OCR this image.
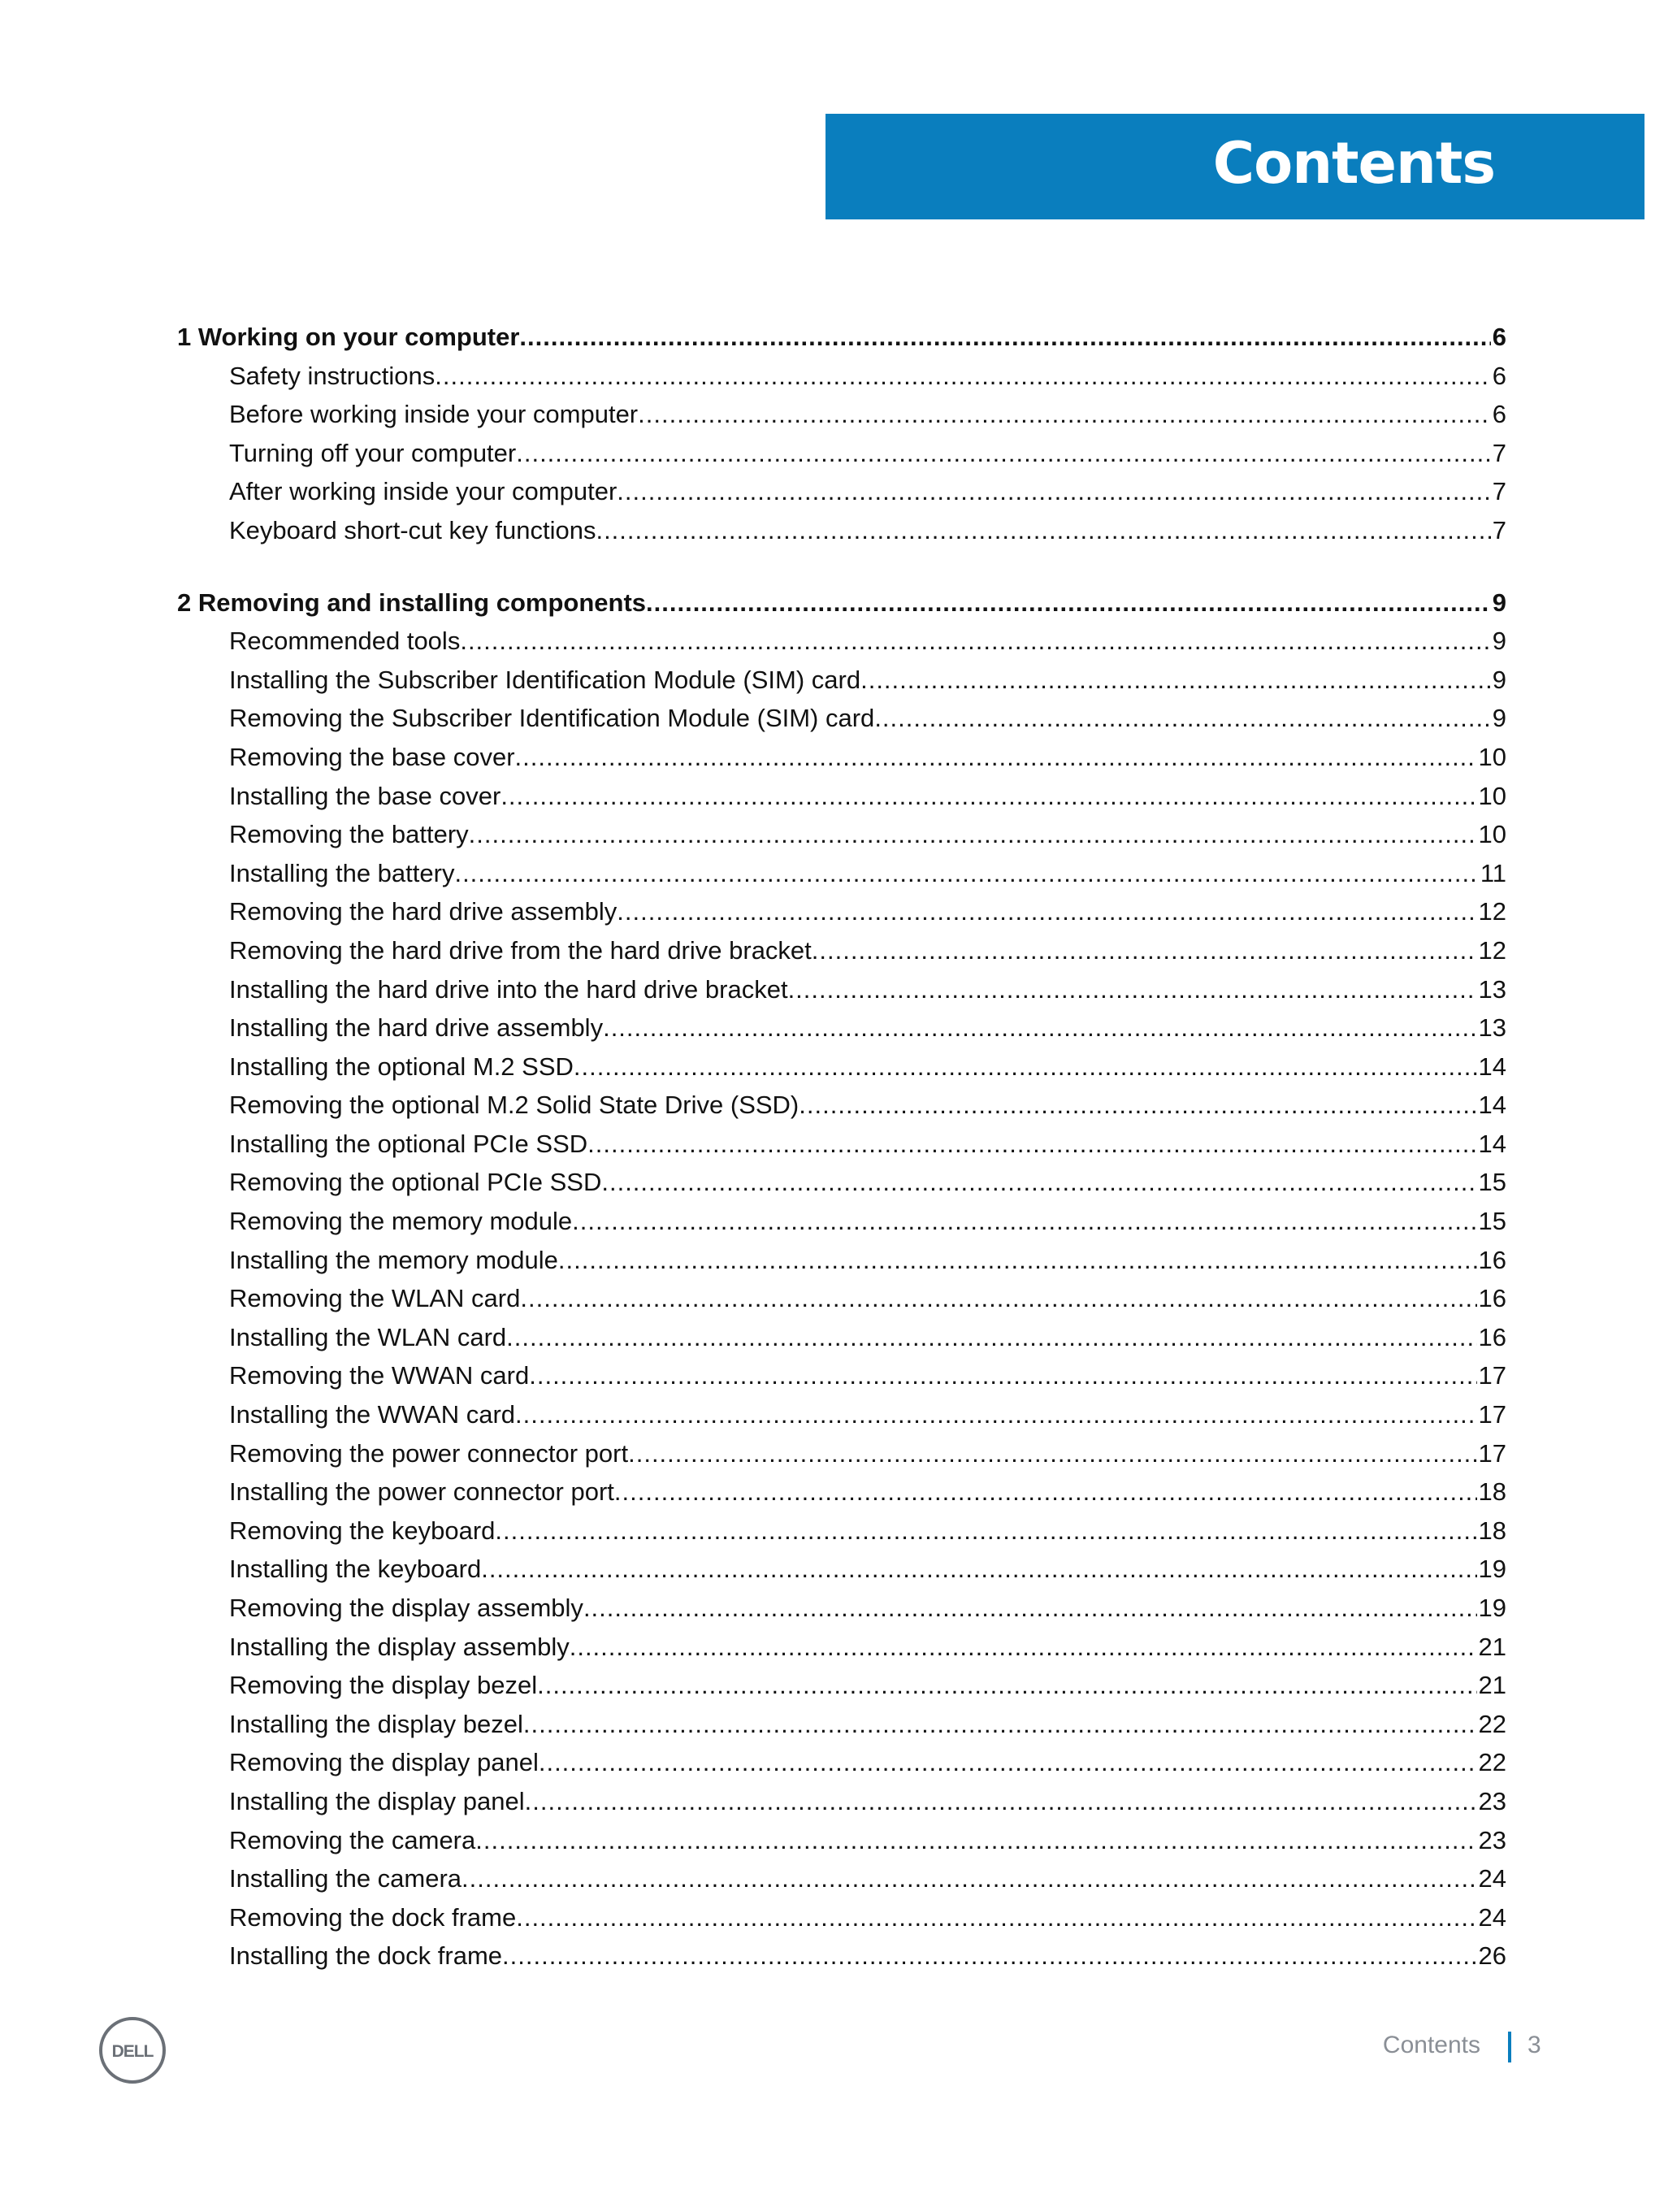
Contents
1 Working on your computer .....	6
Safety instructions .....	6
Before working inside your computer .....	6
Turning off your computer .....	7
After working inside your computer .....	7
Keyboard short-cut key functions .....	7
2 Removing and installing components .....	9
Recommended tools .....	9
Installing the Subscriber Identification Module (SIM) card .....	9
Removing the Subscriber Identification Module (SIM) card .....	9
Removing the base cover .....	10
Installing the base cover .....	10
Removing the battery .....	10
Installing the battery .....	11
Removing the hard drive assembly .....	12
Removing the hard drive from the hard drive bracket .....	12
Installing the hard drive into the hard drive bracket .....	13
Installing the hard drive assembly .....	13
Installing the optional M.2 SSD .....	14
Removing the optional M.2 Solid State Drive (SSD) .....	14
Installing the optional PCIe SSD .....	14
Removing the optional PCIe SSD .....	15
Removing the memory module .....	15
Installing the memory module .....	16
Removing the WLAN card .....	16
Installing the WLAN card .....	16
Removing the WWAN card .....	17
Installing the WWAN card .....	17
Removing the power connector port .....	17
Installing the power connector port .....	18
Removing the keyboard .....	18
Installing the keyboard .....	19
Removing the display assembly .....	19
Installing the display assembly .....	21
Removing the display bezel .....	21
Installing the display bezel .....	22
Removing the display panel .....	22
Installing the display panel .....	23
Removing the camera .....	23
Installing the camera .....	24
Removing the dock frame .....	24
Installing the dock frame .....	26
DELL	Contents 3
